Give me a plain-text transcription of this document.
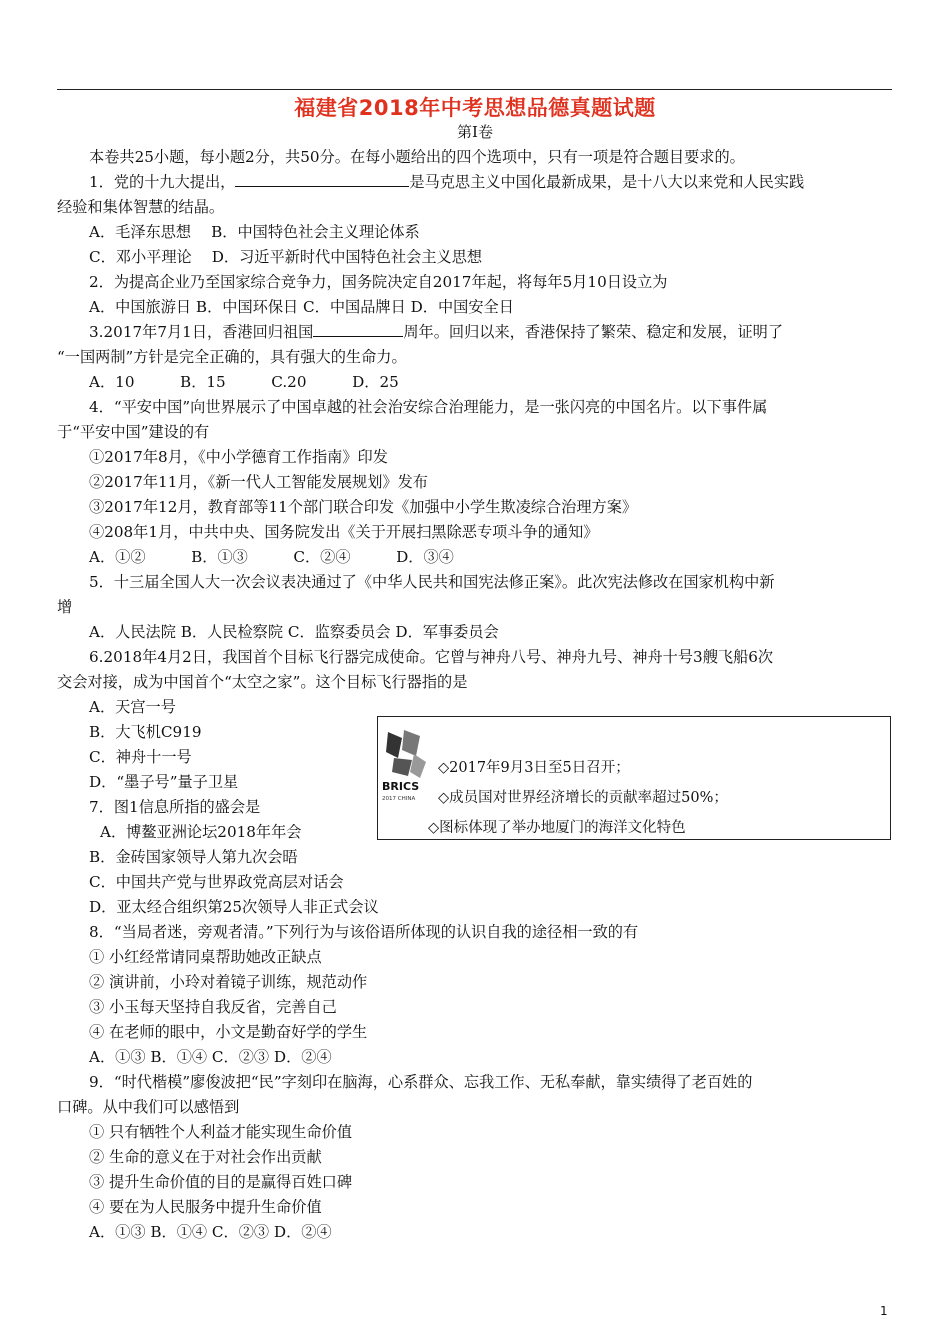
福建省2018年中考思想品德真题试题
第I卷
本卷共25小题，每小题2分，共50分。在每小题给出的四个选项中，只有一项是符合题目要求的。
1．党的十九大提出，	是马克思主义中国化最新成果，是十八大以来党和人民实践
经验和集体智慧的结晶。
A．毛泽东思想　 B．中国特色社会主义理论体系
C．邓小平理论　 D．习近平新时代中国特色社会主义思想
2．为提高企业乃至国家综合竞争力，国务院决定自2017年起，将每年5月10日设立为
A．中国旅游日 B．中国环保日 C．中国品牌日 D．中国安全日
3.2017年7月1日，香港回归祖国	周年。回归以来，香港保持了繁荣、稳定和发展，证明了
“一国两制”方针是完全正确的，具有强大的生命力。
A．10　　　B．15　　　C.20　　　D．25
4．“平安中国”向世界展示了中国卓越的社会治安综合治理能力，是一张闪亮的中国名片。以下事件属
于“平安中国”建设的有
①2017年8月，《中小学德育工作指南》印发
②2017年11月，《新一代人工智能发展规划》发布
③2017年12月，教育部等11个部门联合印发《加强中小学生欺凌综合治理方案》
④208年1月，中共中央、国务院发出《关于开展扫黑除恶专项斗争的通知》
A．①②　　　B．①③　　　C．②④　　　D．③④
5．十三届全国人大一次会议表决通过了《中华人民共和国宪法修正案》。此次宪法修改在国家机构中新
增
A．人民法院 B．人民检察院 C．监察委员会 D．军事委员会
6.2018年4月2日，我国首个目标飞行器完成使命。它曾与神舟八号、神舟九号、神舟十号3艘飞船6次
交会对接，成为中国首个“太空之家”。这个目标飞行器指的是
A．天宫一号
B．大飞机C919
C．神舟十一号
D．“墨子号”量子卫星
7．图1信息所指的盛会是
A．博鳌亚洲论坛2018年年会
B．金砖国家领导人第九次会晤
C．中国共产党与世界政党高层对话会
D．亚太经合组织第25次领导人非正式会议
8．“当局者迷，旁观者清。”下列行为与该俗语所体现的认识自我的途径相一致的有
① 小红经常请同桌帮助她改正缺点
② 演讲前，小玲对着镜子训练，规范动作
③ 小玉每天坚持自我反省，完善自己
④ 在老师的眼中，小文是勤奋好学的学生
A．①③ B．①④ C．②③ D．②④
9．“时代楷模”廖俊波把“民”字刻印在脑海，心系群众、忘我工作、无私奉献，靠实绩得了老百姓的
口碑。从中我们可以感悟到
① 只有牺牲个人利益才能实现生命价值
② 生命的意义在于对社会作出贡献
③ 提升生命价值的目的是赢得百姓口碑
④ 要在为人民服务中提升生命价值
A．①③ B．①④ C．②③ D．②④
BRICS
2017 CHINA
◇2017年9月3日至5日召开；
◇成员国对世界经济增长的贡献率超过50%；
◇图标体现了举办地厦门的海洋文化特色
1
